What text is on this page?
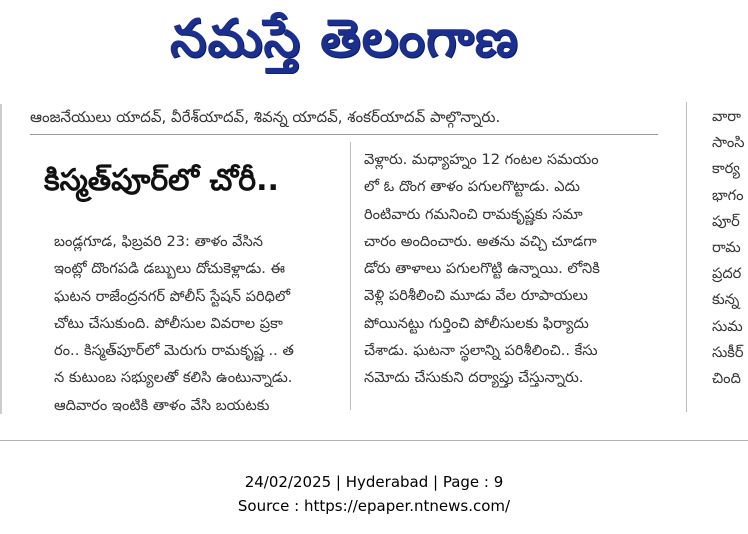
నమస్తే తెలంగాణ
ఆంజనేయులు యాదవ్, వీరేశ్‌యాదవ్, శివన్న యాదవ్, శంకర్‌యాదవ్ పాల్గొన్నారు.
కిస్మత్‌పూర్‌లో చోరీ..
బండ్లగూడ, ఫిబ్రవరి 23: తాళం వేసిన
ఇంట్లో దొంగపడి డబ్బులు దోచుకెళ్లాడు. ఈ
ఘటన రాజేంద్రనగర్ పోలీస్ స్టేషన్ పరిధిలో
చోటు చేసుకుంది. పోలీసుల వివరాల ప్రకా
రం.. కిస్మత్‌పూర్‌లో మెరుగు రామకృష్ణ .. త
న కుటుంబ సభ్యులతో కలిసి ఉంటున్నాడు.
ఆదివారం ఇంటికి తాళం వేసి బయటకు
వెళ్లారు. మధ్యాహ్నం 12 గంటల సమయం
లో ఓ దొంగ తాళం పగులగొట్టాడు. ఎదు
రింటివారు గమనించి రామకృష్ణకు సమా
చారం అందించారు. అతను వచ్చి చూడగా
డోరు తాళాలు పగులగొట్టి ఉన్నాయి. లోనికి
వెళ్లి పరిశీలించి మూడు వేల రూపాయలు
పోయినట్టు గుర్తించి పోలీసులకు ఫిర్యాదు
చేశాడు. ఘటనా స్థలాన్ని పరిశీలించి.. కేసు
నమోదు చేసుకుని దర్యాప్తు చేస్తున్నారు.
వారా
సాంసి
కార్య
భాగం
పూర్
రామ
ప్రదర
కున్న
సుమ
సుకీర్
చింది
24/02/2025 | Hyderabad | Page : 9
Source : https://epaper.ntnews.com/
